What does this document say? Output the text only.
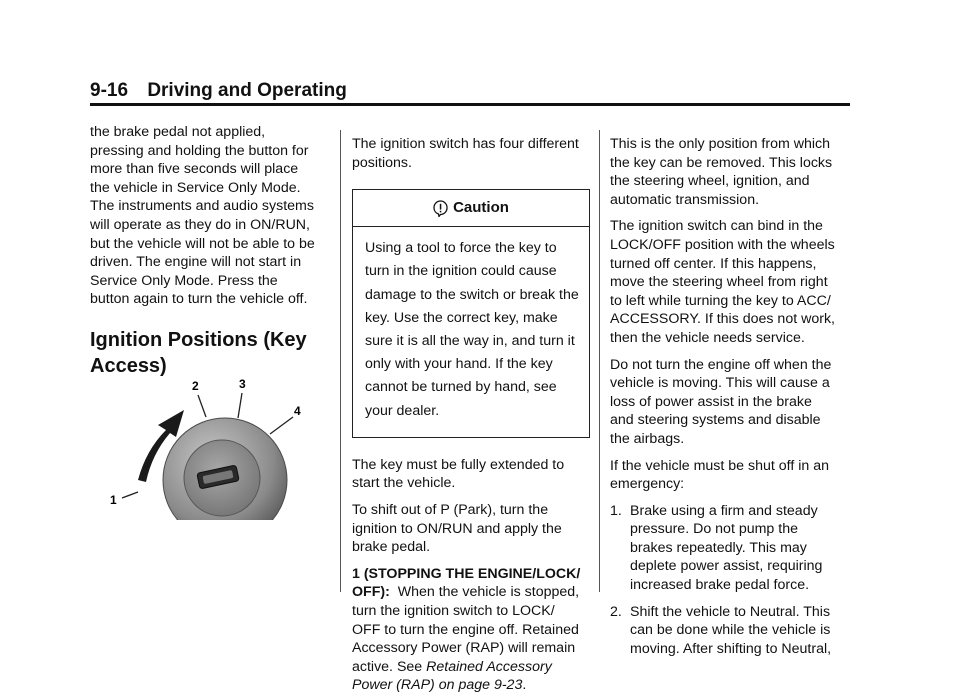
9-16 Driving and Operating

the brake pedal not applied,
pressing and holding the button for
more than five seconds will place
the vehicle in Service Only Mode.
The instruments and audio systems
will operate as they do in ON/RUN,
but the vehicle will not be able to be
driven. The engine will not start in
Service Only Mode. Press the
button again to turn the vehicle off.

Ignition Positions (Key
Access)

1
2	3
4

The ignition switch has four different
positions.

Caution
Using a tool to force the key to
turn in the ignition could cause
damage to the switch or break the
key. Use the correct key, make
sure it is all the way in, and turn it
only with your hand. If the key
cannot be turned by hand, see
your dealer.

The key must be fully extended to
start the vehicle.

To shift out of P (Park), turn the
ignition to ON/RUN and apply the
brake pedal.

1 (STOPPING THE ENGINE/LOCK/
OFF):  When the vehicle is stopped,
turn the ignition switch to LOCK/
OFF to turn the engine off. Retained
Accessory Power (RAP) will remain
active. See Retained Accessory
Power (RAP) on page 9-23.

This is the only position from which
the key can be removed. This locks
the steering wheel, ignition, and
automatic transmission.

The ignition switch can bind in the
LOCK/OFF position with the wheels
turned off center. If this happens,
move the steering wheel from right
to left while turning the key to ACC/
ACCESSORY. If this does not work,
then the vehicle needs service.

Do not turn the engine off when the
vehicle is moving. This will cause a
loss of power assist in the brake
and steering systems and disable
the airbags.

If the vehicle must be shut off in an
emergency:

1. Brake using a firm and steady
pressure. Do not pump the
brakes repeatedly. This may
deplete power assist, requiring
increased brake pedal force.
2. Shift the vehicle to Neutral. This
can be done while the vehicle is
moving. After shifting to Neutral,
